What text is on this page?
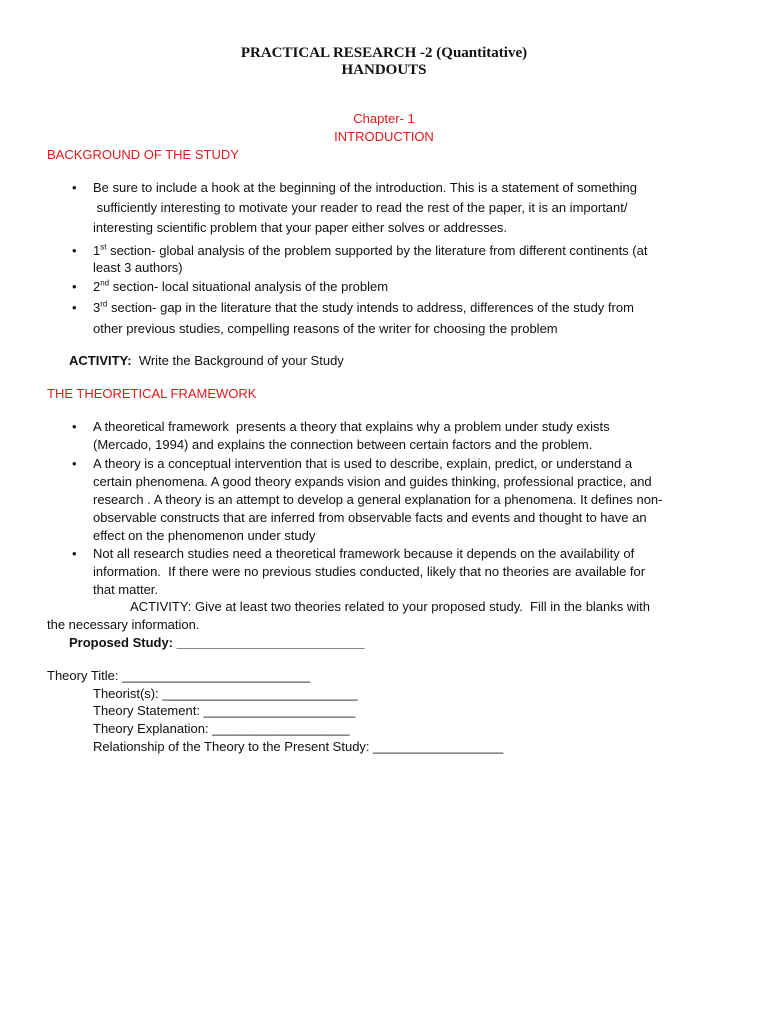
PRACTICAL RESEARCH -2 (Quantitative)
HANDOUTS
Chapter- 1
INTRODUCTION
BACKGROUND OF THE STUDY
• Be sure to include a hook at the beginning of the introduction. This is a statement of something
sufficiently interesting to motivate your reader to read the rest of the paper, it is an important/
interesting scientific problem that your paper either solves or addresses.
• 1st section- global analysis of the problem supported by the literature from different continents (at
least 3 authors)
• 2nd section- local situational analysis of the problem
• 3rd section- gap in the literature that the study intends to address, differences of the study from
other previous studies, compelling reasons of the writer for choosing the problem
ACTIVITY:  Write the Background of your Study
THE THEORETICAL FRAMEWORK
• A theoretical framework  presents a theory that explains why a problem under study exists
(Mercado, 1994) and explains the connection between certain factors and the problem.
• A theory is a conceptual intervention that is used to describe, explain, predict, or understand a
certain phenomena. A good theory expands vision and guides thinking, professional practice, and
research . A theory is an attempt to develop a general explanation for a phenomena. It defines non-
observable constructs that are inferred from observable facts and events and thought to have an
effect on the phenomenon under study
• Not all research studies need a theoretical framework because it depends on the availability of
information.  If there were no previous studies conducted, likely that no theories are available for
that matter.
ACTIVITY: Give at least two theories related to your proposed study.  Fill in the blanks with
the necessary information.
Proposed Study: __________________________
Theory Title: __________________________
Theorist(s): ___________________________
Theory Statement: _____________________
Theory Explanation: ___________________
Relationship of the Theory to the Present Study: __________________
